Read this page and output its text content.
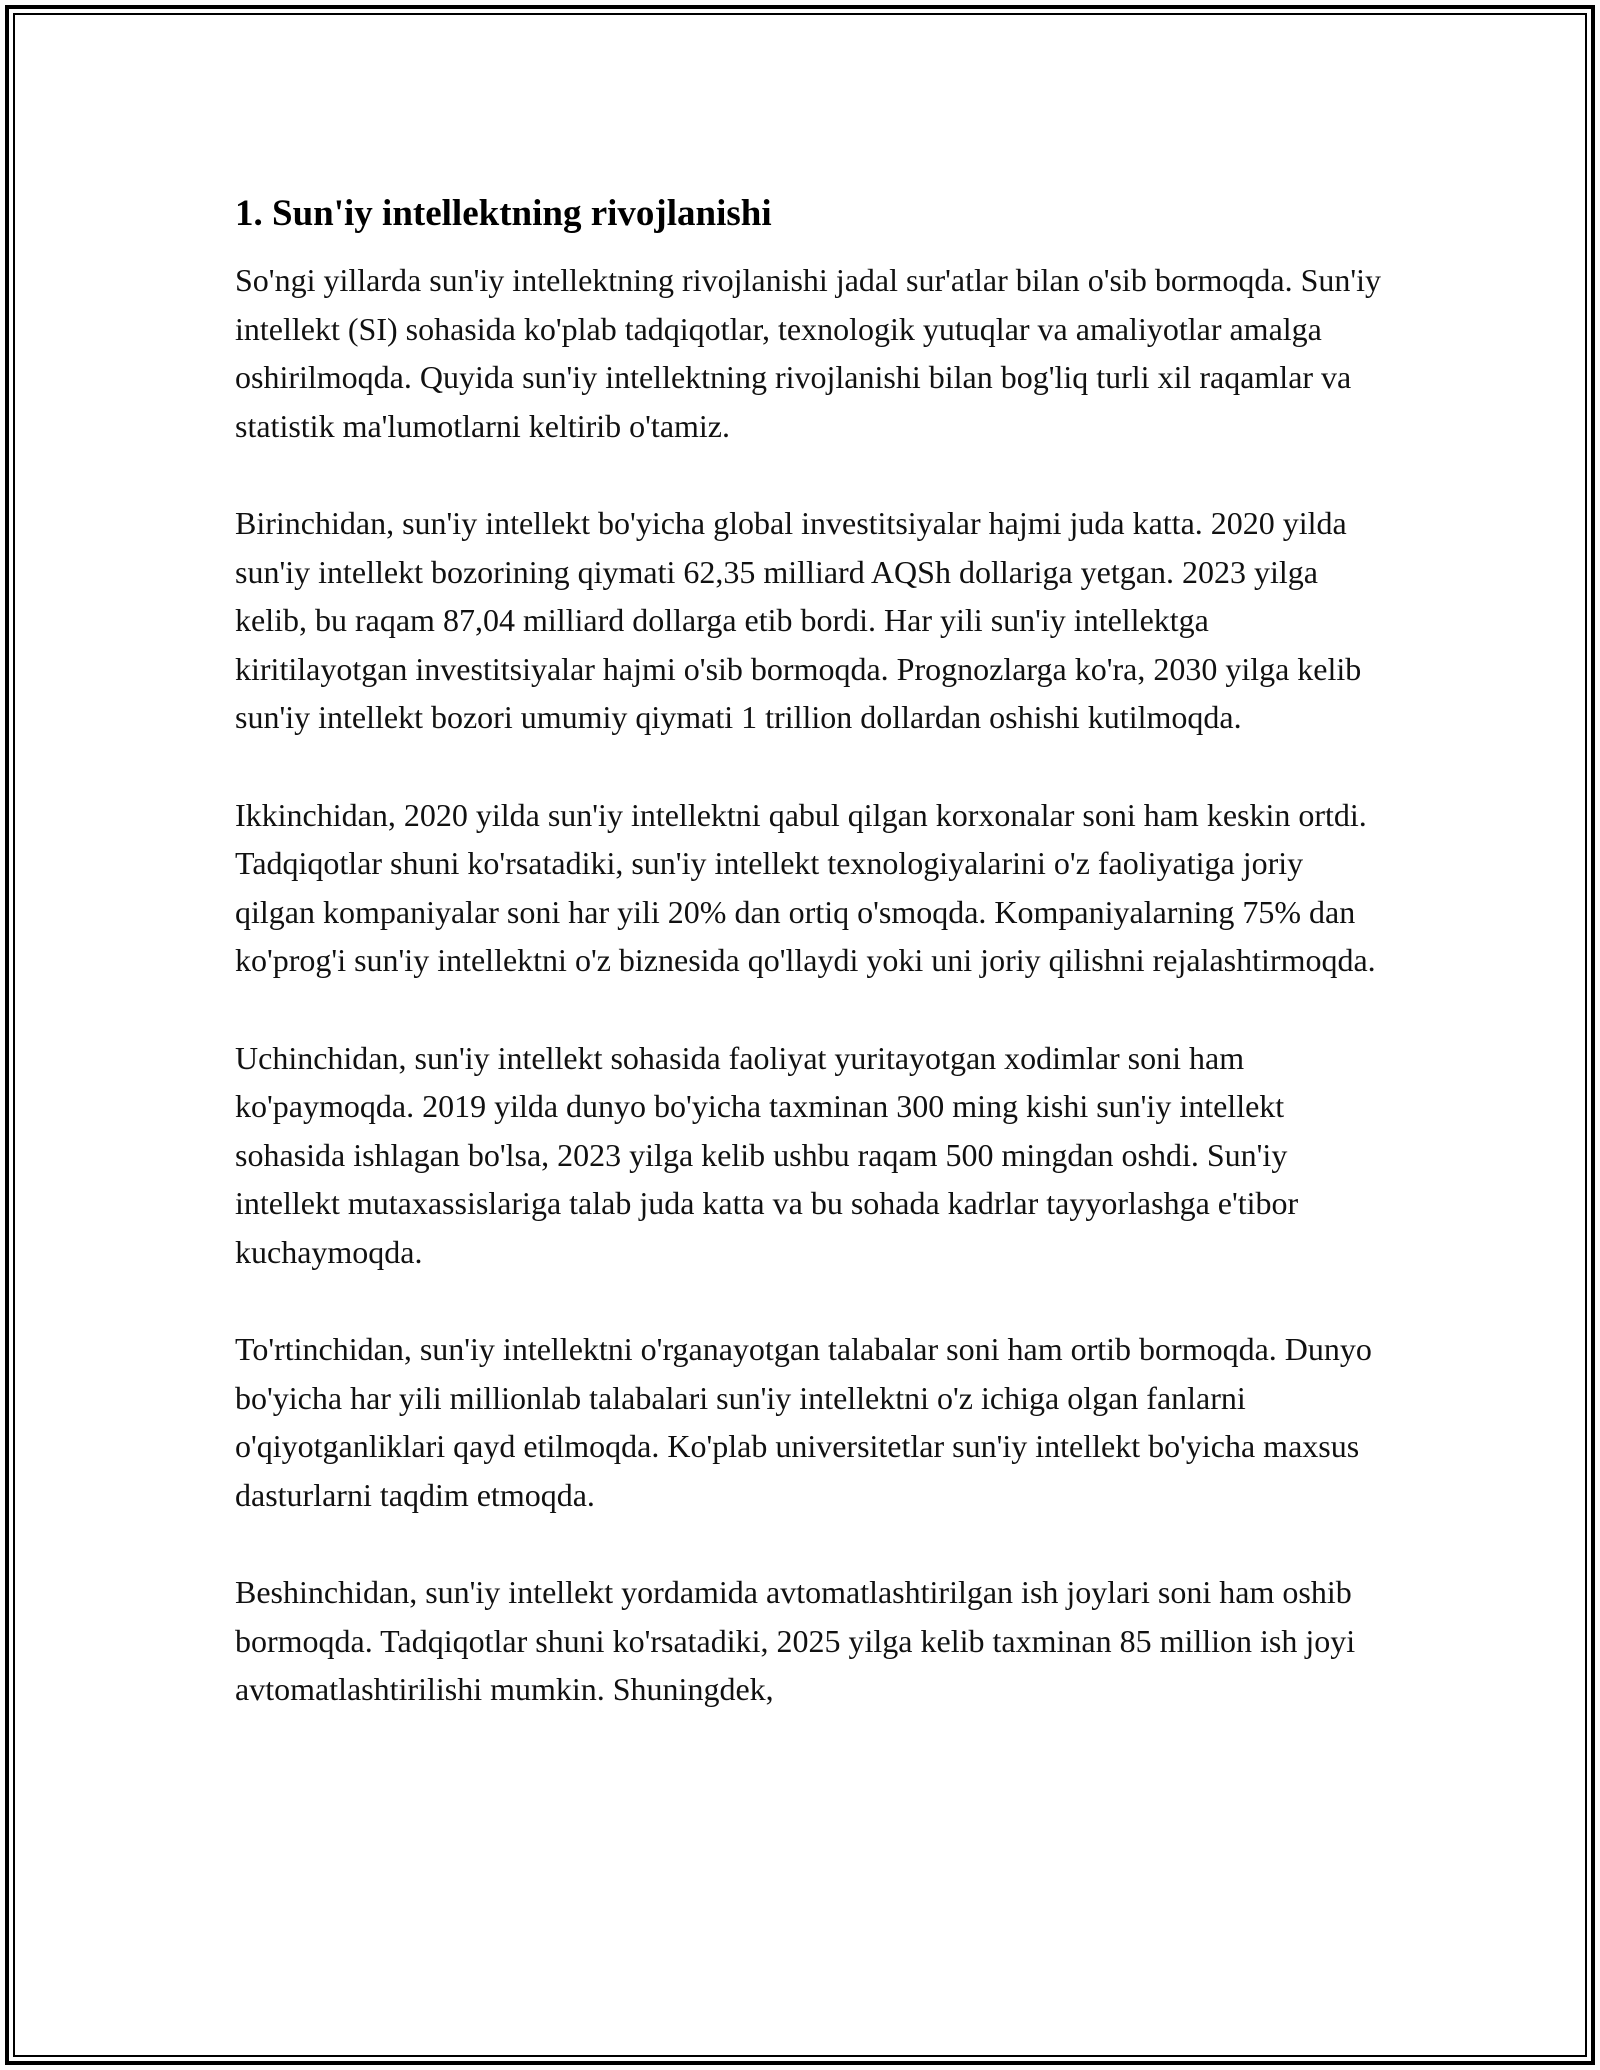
1. Sun'iy intellektning rivojlanishi

So'ngi yillarda sun'iy intellektning rivojlanishi jadal sur'atlar bilan o'sib bormoqda. Sun'iy intellekt (SI) sohasida ko'plab tadqiqotlar, texnologik yutuqlar va amaliyotlar amalga oshirilmoqda. Quyida sun'iy intellektning rivojlanishi bilan bog'liq turli xil raqamlar va statistik ma'lumotlarni keltirib o'tamiz.

Birinchidan, sun'iy intellekt bo'yicha global investitsiyalar hajmi juda katta. 2020 yilda sun'iy intellekt bozorining qiymati 62,35 milliard AQSh dollariga yetgan. 2023 yilga kelib, bu raqam 87,04 milliard dollarga etib bordi. Har yili sun'iy intellektga kiritilayotgan investitsiyalar hajmi o'sib bormoqda. Prognozlarga ko'ra, 2030 yilga kelib sun'iy intellekt bozori umumiy qiymati 1 trillion dollardan oshishi kutilmoqda.

Ikkinchidan, 2020 yilda sun'iy intellektni qabul qilgan korxonalar soni ham keskin ortdi. Tadqiqotlar shuni ko'rsatadiki, sun'iy intellekt texnologiyalarini o'z faoliyatiga joriy qilgan kompaniyalar soni har yili 20% dan ortiq o'smoqda. Kompaniyalarning 75% dan ko'prog'i sun'iy intellektni o'z biznesida qo'llaydi yoki uni joriy qilishni rejalashtirmoqda.

Uchinchidan, sun'iy intellekt sohasida faoliyat yuritayotgan xodimlar soni ham ko'paymoqda. 2019 yilda dunyo bo'yicha taxminan 300 ming kishi sun'iy intellekt sohasida ishlagan bo'lsa, 2023 yilga kelib ushbu raqam 500 mingdan oshdi. Sun'iy intellekt mutaxassislariga talab juda katta va bu sohada kadrlar tayyorlashga e'tibor kuchaymoqda.

To'rtinchidan, sun'iy intellektni o'rganayotgan talabalar soni ham ortib bormoqda. Dunyo bo'yicha har yili millionlab talabalari sun'iy intellektni o'z ichiga olgan fanlarni o'qiyotganliklari qayd etilmoqda. Ko'plab universitetlar sun'iy intellekt bo'yicha maxsus dasturlarni taqdim etmoqda.

Beshinchidan, sun'iy intellekt yordamida avtomatlashtirilgan ish joylari soni ham oshib bormoqda. Tadqiqotlar shuni ko'rsatadiki, 2025 yilga kelib taxminan 85 million ish joyi avtomatlashtirilishi mumkin. Shuningdek,
